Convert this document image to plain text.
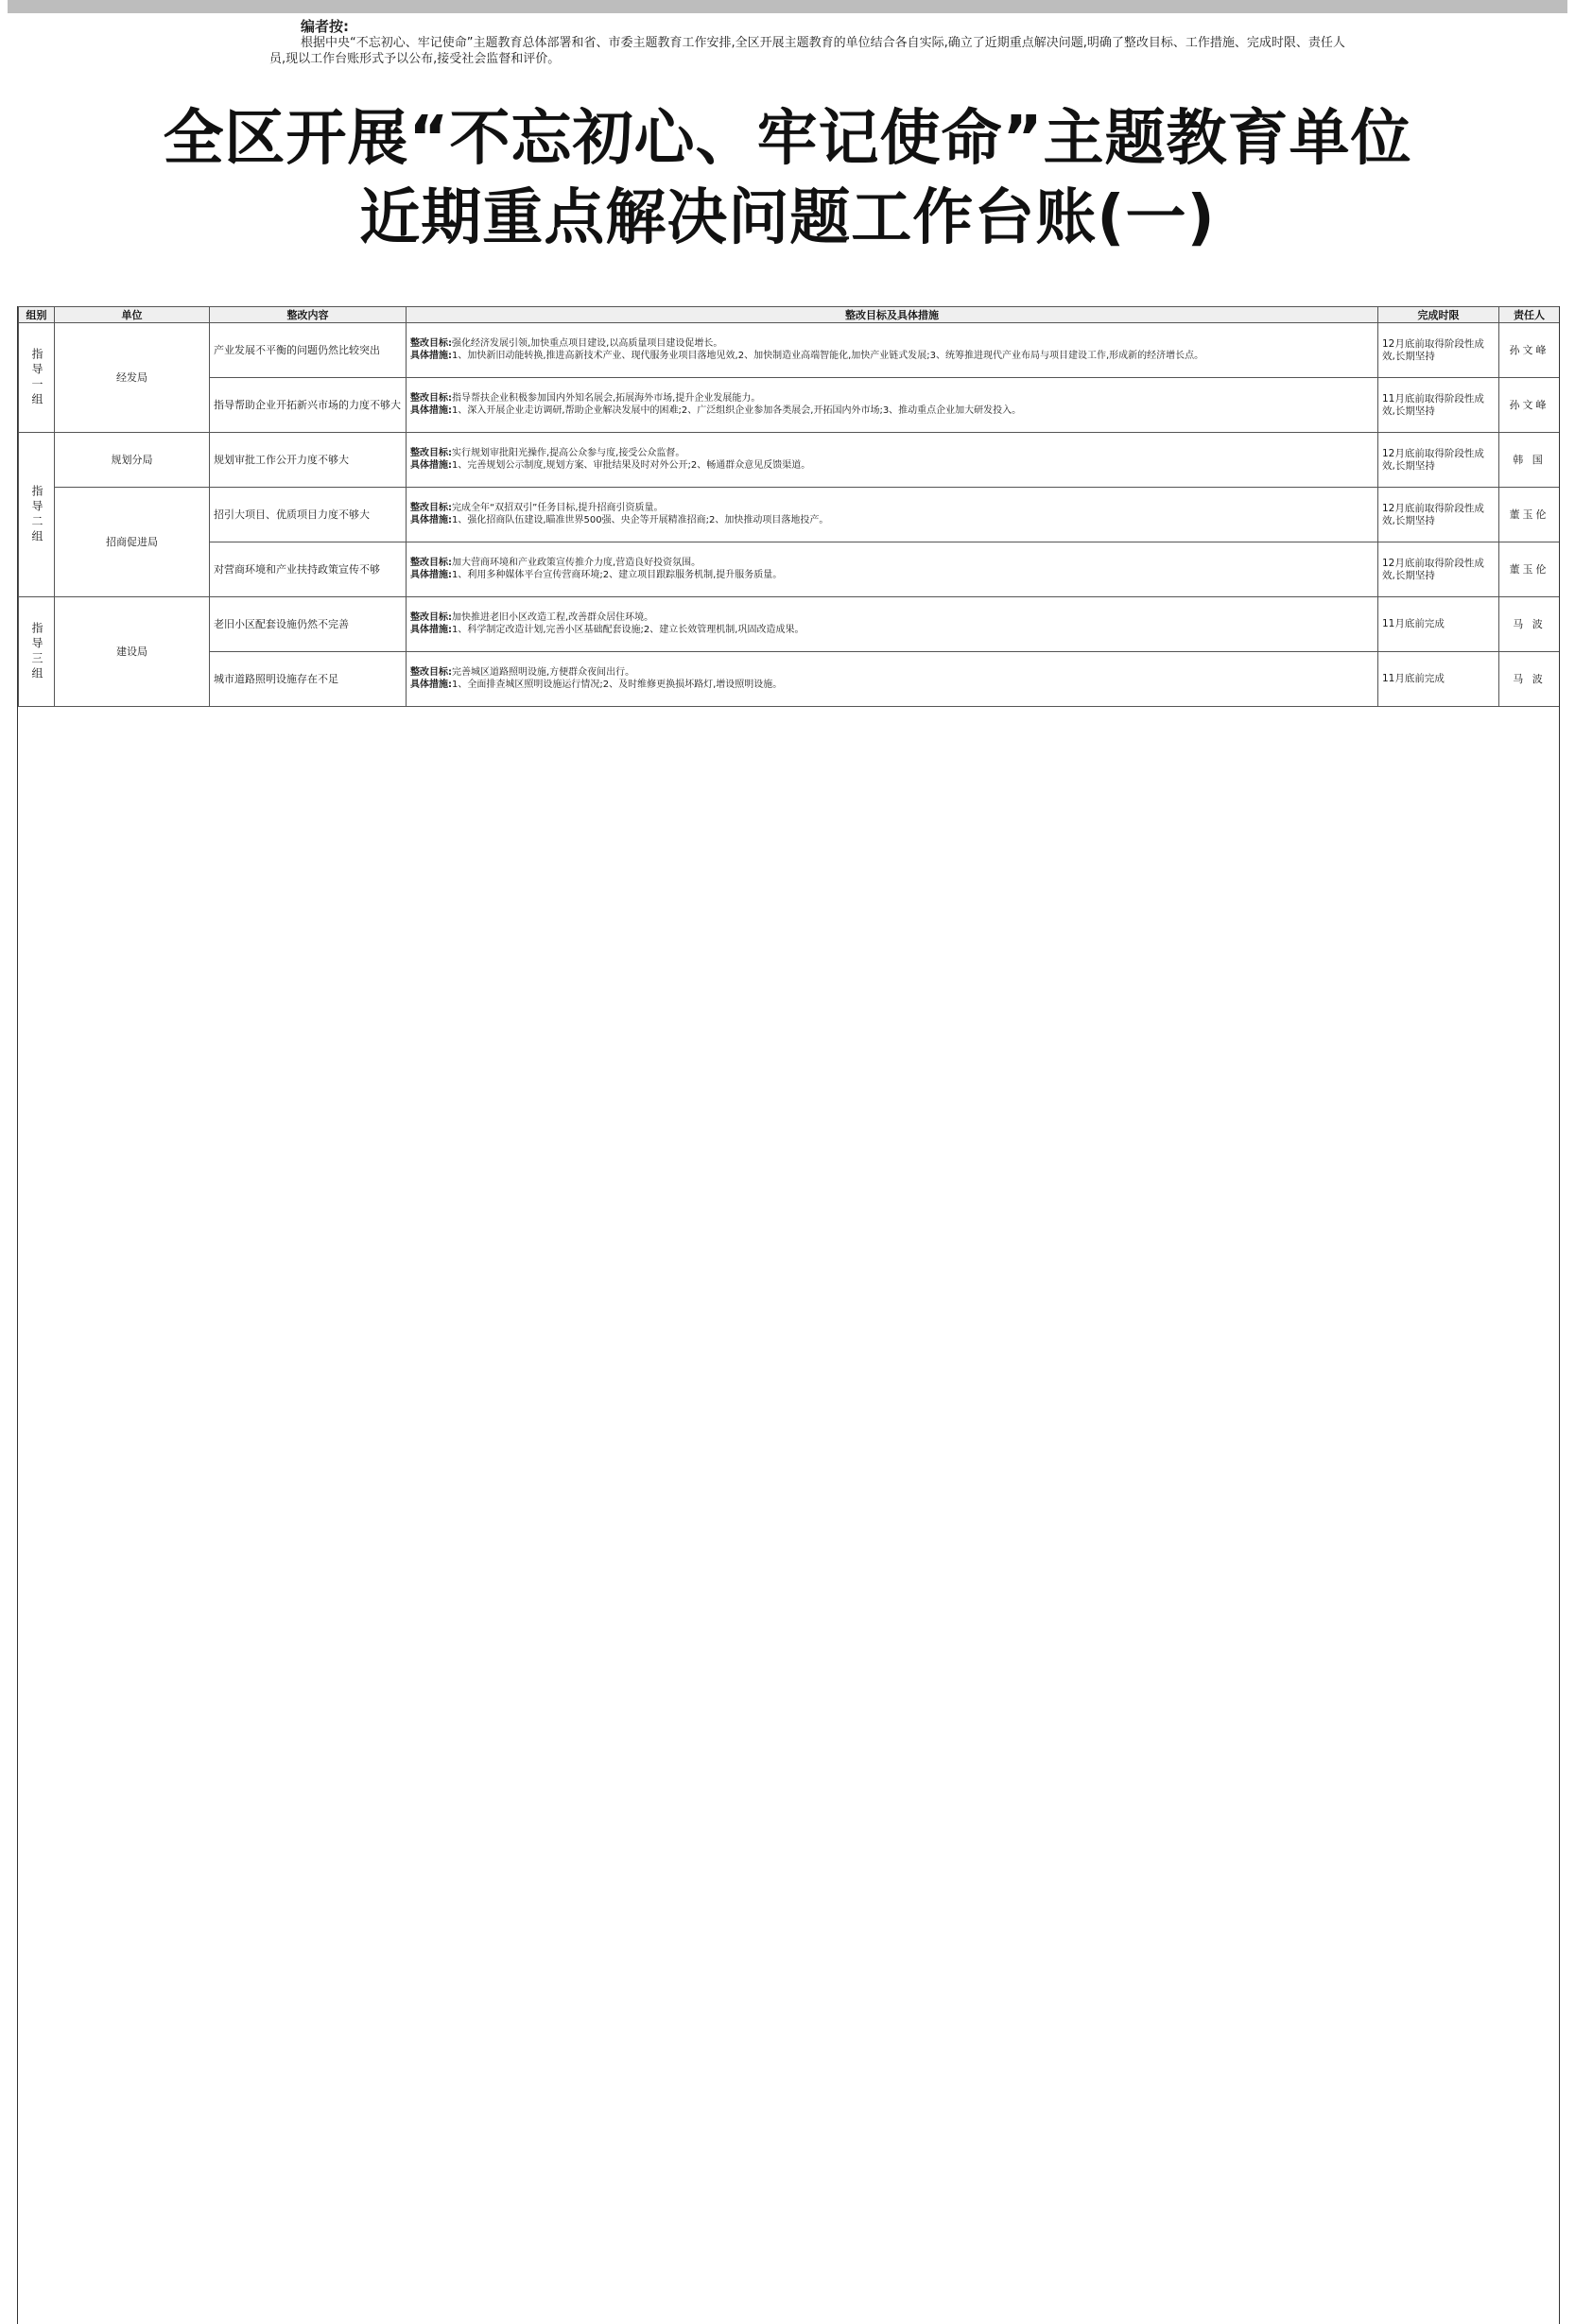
编者按:
根据中央“不忘初心、牢记使命”主题教育总体部署和省、市委主题教育工作安排,全区开展主题教育的单位结合各自实际,确立了近期重点解决问题,明确了整改目标、工作措施、完成时限、责任人员,现以工作台账形式予以公布,接受社会监督和评价。
全区开展“不忘初心、牢记使命”主题教育单位
近期重点解决问题工作台账(一)
组别	单位	整改内容	整改目标及具体措施	完成时限	责任人
指导一组	经发局	产业发展不平衡的问题仍然比较突出	整改目标:强化经济发展引领,加快重点项目建设,以高质量项目建设促增长。
具体措施:1、加快新旧动能转换,推进高新技术产业、现代服务业项目落地见效,2、加快制造业高端智能化,加快产业链式发展;3、统筹推进现代产业布局与项目建设工作,形成新的经济增长点。	12月底前取得阶段性成效,长期坚持	孙文峰
		指导帮助企业开拓新兴市场的力度不够大	整改目标:指导帮扶企业积极参加国内外知名展会,拓展海外市场,提升企业发展能力。
具体措施:1、深入开展企业走访调研,帮助企业解决发展中的困难;2、广泛组织企业参加各类展会,开拓国内外市场;3、推动重点企业加大研发投入。	11月底前取得阶段性成效,长期坚持	孙文峰
指导二组	规划分局	规划审批工作公开力度不够大	整改目标:实行规划审批阳光操作,提高公众参与度,接受公众监督。
具体措施:1、完善规划公示制度,规划方案、审批结果及时对外公开;2、畅通群众意见反馈渠道。	12月底前取得阶段性成效,长期坚持	韩 国
	招商促进局	招引大项目、优质项目力度不够大	整改目标:完成全年“双招双引”任务目标,提升招商引资质量。
具体措施:1、强化招商队伍建设,瞄准世界500强、央企等开展精准招商;2、加快推动项目落地投产。	12月底前取得阶段性成效,长期坚持	董玉伦
		对营商环境和产业扶持政策宣传不够	整改目标:加大营商环境和产业政策宣传推介力度,营造良好投资氛围。
具体措施:1、利用多种媒体平台宣传营商环境;2、建立项目跟踪服务机制,提升服务质量。	12月底前取得阶段性成效,长期坚持	董玉伦
指导三组	建设局	老旧小区配套设施仍然不完善	整改目标:加快推进老旧小区改造工程,改善群众居住环境。
具体措施:1、科学制定改造计划,完善小区基础配套设施;2、建立长效管理机制,巩固改造成果。	11月底前完成	马 波
		城市道路照明设施存在不足	整改目标:完善城区道路照明设施,方便群众夜间出行。
具体措施:1、全面排查城区照明设施运行情况;2、及时维修更换损坏路灯,增设照明设施。	11月底前完成	马 波
